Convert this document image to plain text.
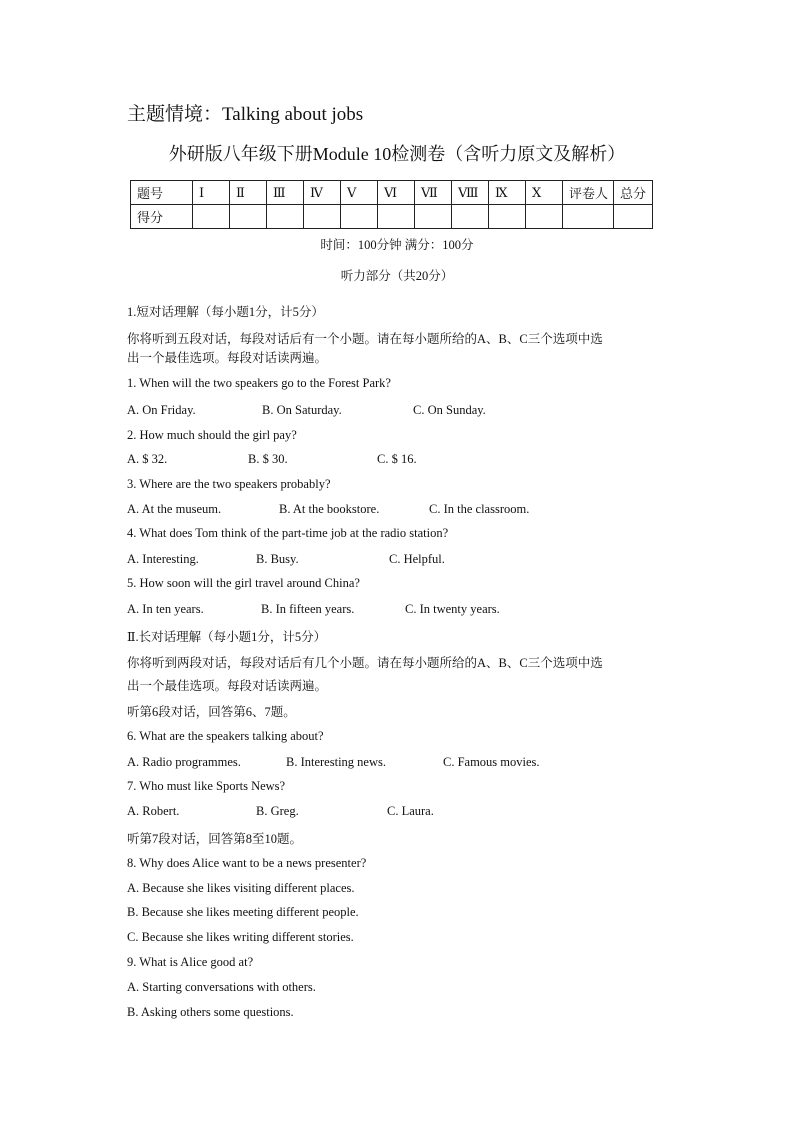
主题情境：Talking about jobs
外研版八年级下册Module 10检测卷（含听力原文及解析）
题号	Ⅰ	Ⅱ	Ⅲ	Ⅳ	Ⅴ	Ⅵ	Ⅶ	Ⅷ	Ⅸ	Ⅹ	评卷人	总分
得分												
时间：100分钟 满分：100分
听力部分（共20分）
1.短对话理解（每小题1分，计5分）
你将听到五段对话，每段对话后有一个小题。请在每小题所给的A、B、C三个选项中选
出一个最佳选项。每段对话读两遍。
1. When will the two speakers go to the Forest Park?
A. On Friday.	B. On Saturday.	C. On Sunday.
2. How much should the girl pay?
A. $ 32.	B. $ 30.	C. $ 16.
3. Where are the two speakers probably?
A. At the museum.	B. At the bookstore.	C. In the classroom.
4. What does Tom think of the part-time job at the radio station?
A. Interesting.	B. Busy.	C. Helpful.
5. How soon will the girl travel around China?
A. In ten years.	B. In fifteen years.	C. In twenty years.
Ⅱ.长对话理解（每小题1分，计5分）
你将听到两段对话，每段对话后有几个小题。请在每小题所给的A、B、C三个选项中选
出一个最佳选项。每段对话读两遍。
听第6段对话，回答第6、7题。
6. What are the speakers talking about?
A. Radio programmes.	B. Interesting news.	C. Famous movies.
7. Who must like Sports News?
A. Robert.	B. Greg.	C. Laura.
听第7段对话，回答第8至10题。
8. Why does Alice want to be a news presenter?
A. Because she likes visiting different places.
B. Because she likes meeting different people.
C. Because she likes writing different stories.
9. What is Alice good at?
A. Starting conversations with others.
B. Asking others some questions.
